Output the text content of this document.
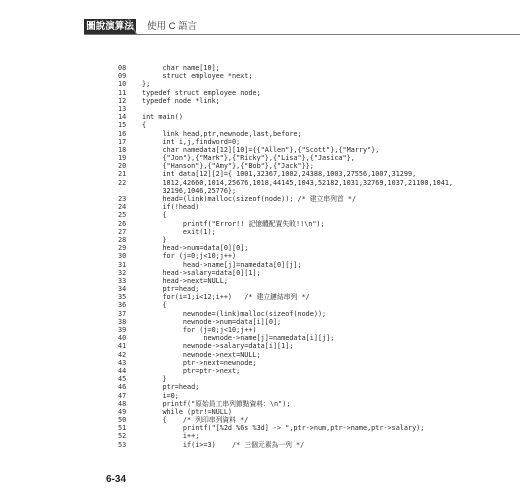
圖說演算法 使用 C 語言
08     char name[10];
09     struct employee *next;
10 };
11 typedef struct employee node;
12 typedef node *link;
13
14 int main()
15 {
16     link head,ptr,newnode,last,before;
17     int i,j,findword=0;
18     char namedata[12][10]={{"Allen"},{"Scott"},{"Marry"},
19     {"Jon"},{"Mark"},{"Ricky"},{"Lisa"},{"Jasica"},
20     {"Hanson"},{"Amy"},{"Bob"},{"Jack"}};
21     int data[12][2]={ 1001,32367,1002,24388,1003,27556,1007,31299,
22     1012,42660,1014,25676,1018,44145,1043,52182,1031,32769,1037,21100,1041,
32196,1046,25776};
23     head=(link)malloc(sizeof(node)); /* 建立串列首 */
24     if(!head)
25     {
26          printf("Error!! 記憶體配置失敗!!\n");
27          exit(1);
28     }
29     head->num=data[0][0];
30     for (j=0;j<10;j++)
31          head->name[j]=namedata[0][j];
32     head->salary=data[0][1];
33     head->next=NULL;
34     ptr=head;
35     for(i=1;i<12;i++)   /* 建立鏈結串列 */
36     {
37          newnode=(link)malloc(sizeof(node));
38          newnode->num=data[i][0];
39          for (j=0;j<10;j++)
40               newnode->name[j]=namedata[i][j];
41          newnode->salary=data[i][1];
42          newnode->next=NULL;
43          ptr->next=newnode;
44          ptr=ptr->next;
45     }
46     ptr=head;
47     i=0;
48     printf("原始員工串列節點資料：\n");
49     while (ptr!=NULL)
50     {    /* 列印串列資料 */
51          printf("[%2d %6s %3d] -> ",ptr->num,ptr->name,ptr->salary);
52          i++;
53          if(i>=3)    /* 三個元素為一列 */
6-34
